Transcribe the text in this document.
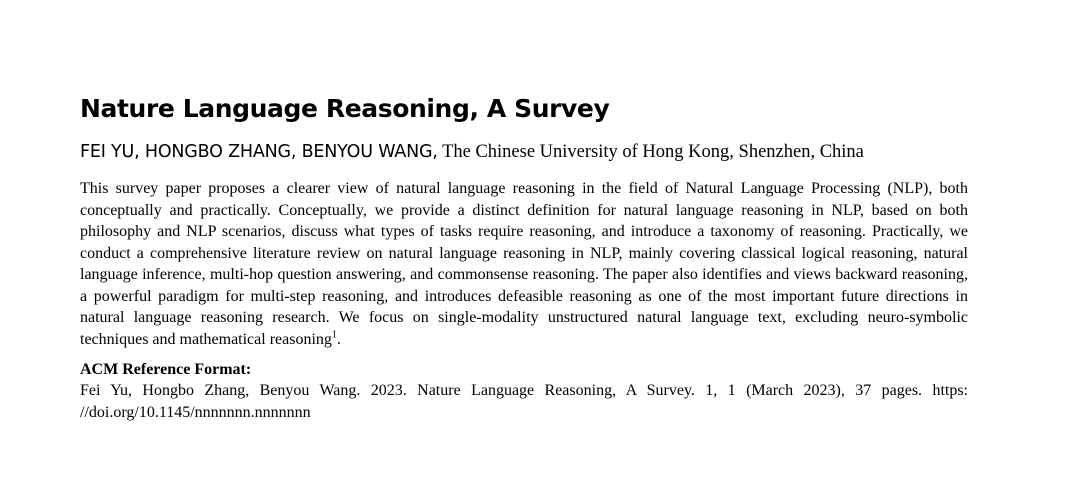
Nature Language Reasoning, A Survey
FEI YU, HONGBO ZHANG, BENYOU WANG, The Chinese University of Hong Kong, Shenzhen, China

This survey paper proposes a clearer view of natural language reasoning in the field of Natural Language Processing (NLP), both conceptually and practically. Conceptually, we provide a distinct definition for natural language reasoning in NLP, based on both philosophy and NLP scenarios, discuss what types of tasks require reasoning, and introduce a taxonomy of reasoning. Practically, we conduct a comprehensive literature review on natural language reasoning in NLP, mainly covering classical logical reasoning, natural language inference, multi-hop question answering, and commonsense reasoning. The paper also identifies and views backward reasoning, a powerful paradigm for multi-step reasoning, and introduces defeasible reasoning as one of the most important future directions in natural language reasoning research. We focus on single-modality unstructured natural language text, excluding neuro-symbolic techniques and mathematical reasoning$^1$.

ACM Reference Format:
Fei Yu, Hongbo Zhang, Benyou Wang. 2023. Nature Language Reasoning, A Survey. 1, 1 (March 2023), 37 pages. https:
//doi.org/10.1145/nnnnnnn.nnnnnnn
